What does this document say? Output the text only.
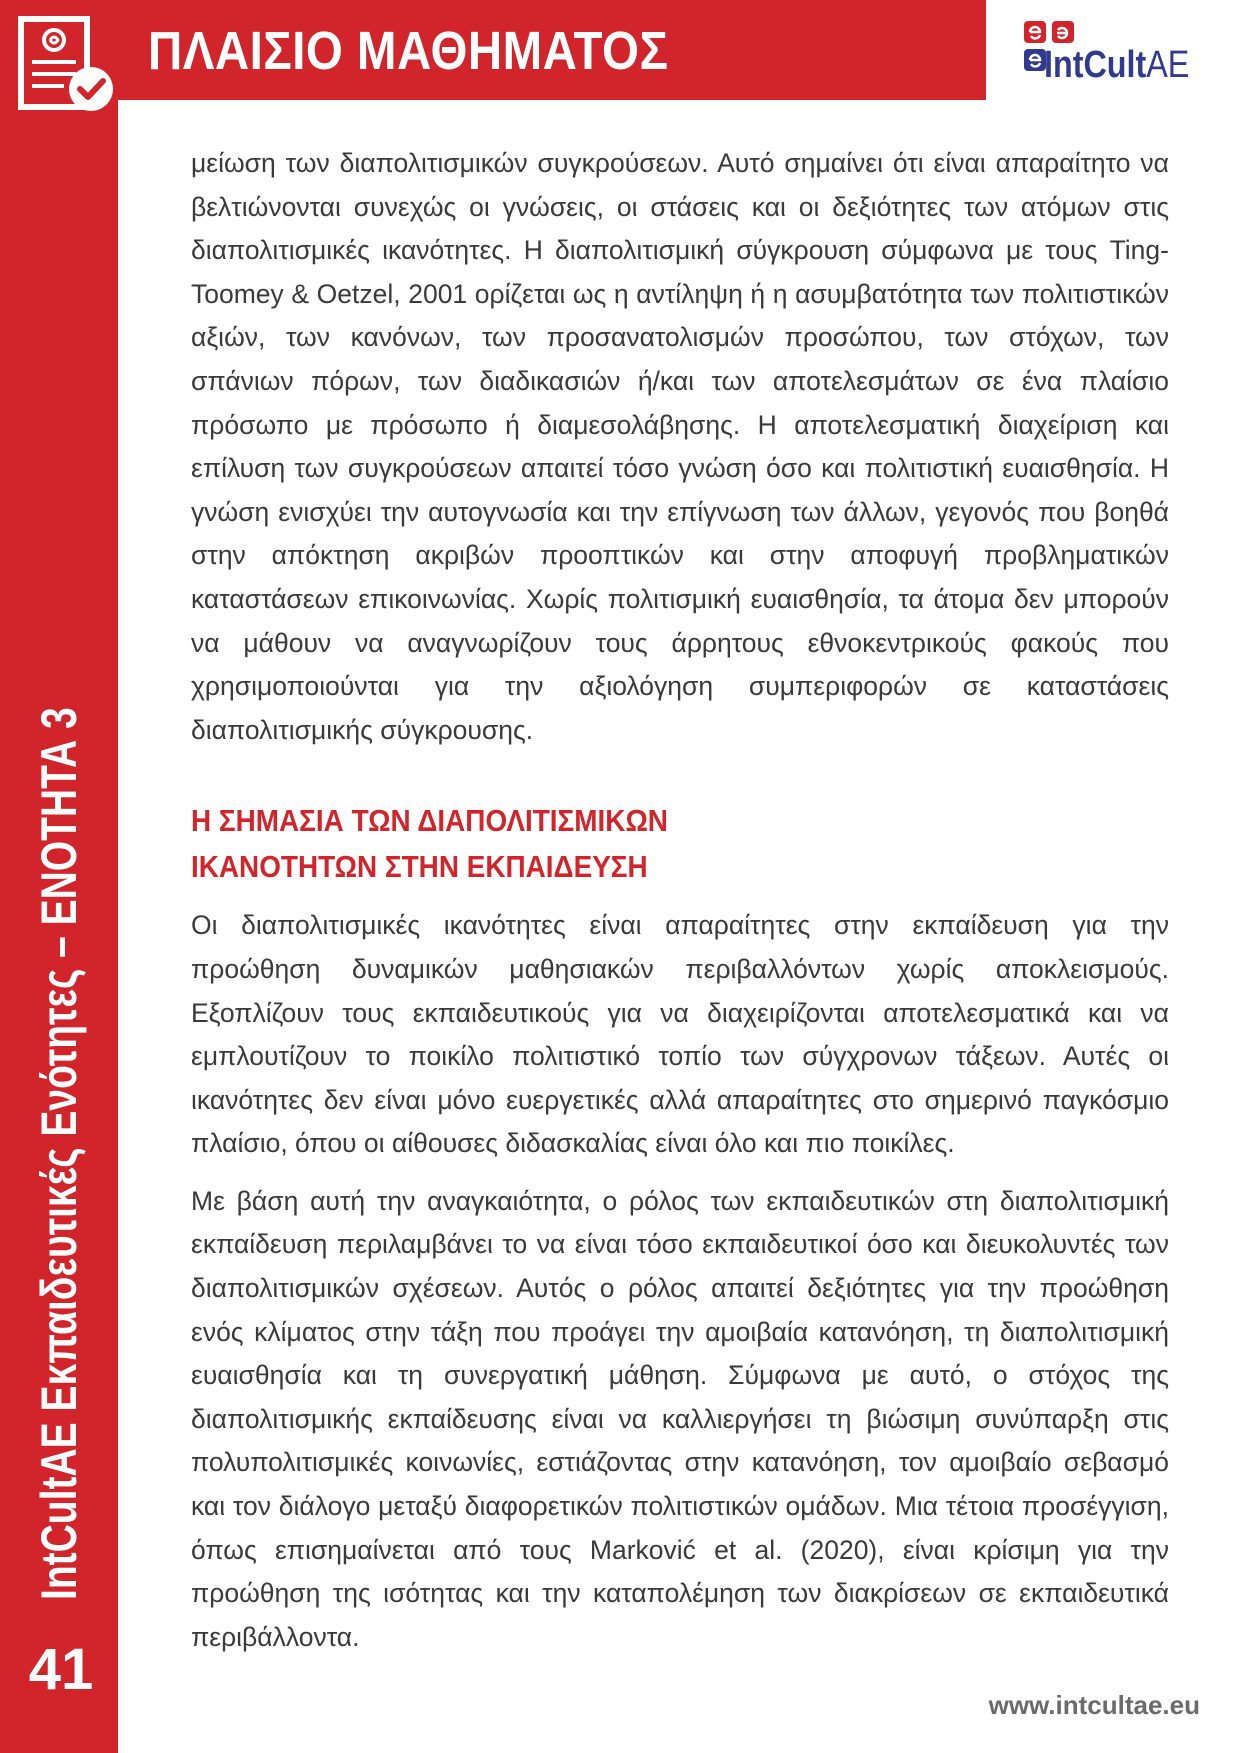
ΠΛΑΙΣΙΟ ΜΑΘΗΜΑΤΟΣ	IntCultAE
IntCultAE Εκπαιδευτικές Ενότητες – ΕΝΟΤΗΤΑ 3
41

μείωση των διαπολιτισμικών συγκρούσεων. Αυτό σημαίνει ότι είναι απαραίτητο να βελτιώνονται συνεχώς οι γνώσεις, οι στάσεις και οι δεξιότητες των ατόμων στις διαπολιτισμικές ικανότητες. Η διαπολιτισμική σύγκρουση σύμφωνα με τους Ting-Toomey & Oetzel, 2001 ορίζεται ως η αντίληψη ή η ασυμβατότητα των πολιτιστικών αξιών, των κανόνων, των προσανατολισμών προσώπου, των στόχων, των σπάνιων πόρων, των διαδικασιών ή/και των αποτελεσμάτων σε ένα πλαίσιο πρόσωπο με πρόσωπο ή διαμεσολάβησης. Η αποτελεσματική διαχείριση και επίλυση των συγκρούσεων απαιτεί τόσο γνώση όσο και πολιτιστική ευαισθησία. Η γνώση ενισχύει την αυτογνωσία και την επίγνωση των άλλων, γεγονός που βοηθά στην απόκτηση ακριβών προοπτικών και στην αποφυγή προβληματικών καταστάσεων επικοινωνίας. Χωρίς πολιτισμική ευαισθησία, τα άτομα δεν μπορούν να μάθουν να αναγνωρίζουν τους άρρητους εθνοκεντρικούς φακούς που χρησιμοποιούνται για την αξιολόγηση συμπεριφορών σε καταστάσεις διαπολιτισμικής σύγκρουσης.

Η ΣΗΜΑΣΙΑ ΤΩΝ ΔΙΑΠΟΛΙΤΙΣΜΙΚΩΝ
ΙΚΑΝΟΤΗΤΩΝ ΣΤΗΝ ΕΚΠΑΙΔΕΥΣΗ

Οι διαπολιτισμικές ικανότητες είναι απαραίτητες στην εκπαίδευση για την προώθηση δυναμικών μαθησιακών περιβαλλόντων χωρίς αποκλεισμούς. Εξοπλίζουν τους εκπαιδευτικούς για να διαχειρίζονται αποτελεσματικά και να εμπλουτίζουν το ποικίλο πολιτιστικό τοπίο των σύγχρονων τάξεων. Αυτές οι ικανότητες δεν είναι μόνο ευεργετικές αλλά απαραίτητες στο σημερινό παγκόσμιο πλαίσιο, όπου οι αίθουσες διδασκαλίας είναι όλο και πιο ποικίλες.

Με βάση αυτή την αναγκαιότητα, ο ρόλος των εκπαιδευτικών στη διαπολιτισμική εκπαίδευση περιλαμβάνει το να είναι τόσο εκπαιδευτικοί όσο και διευκολυντές των διαπολιτισμικών σχέσεων. Αυτός ο ρόλος απαιτεί δεξιότητες για την προώθηση ενός κλίματος στην τάξη που προάγει την αμοιβαία κατανόηση, τη διαπολιτισμική ευαισθησία και τη συνεργατική μάθηση. Σύμφωνα με αυτό, ο στόχος της διαπολιτισμικής εκπαίδευσης είναι να καλλιεργήσει τη βιώσιμη συνύπαρξη στις πολυπολιτισμικές κοινωνίες, εστιάζοντας στην κατανόηση, τον αμοιβαίο σεβασμό και τον διάλογο μεταξύ διαφορετικών πολιτιστικών ομάδων. Μια τέτοια προσέγγιση, όπως επισημαίνεται από τους Marković et al. (2020), είναι κρίσιμη για την προώθηση της ισότητας και την καταπολέμηση των διακρίσεων σε εκπαιδευτικά περιβάλλοντα.

www.intcultae.eu
